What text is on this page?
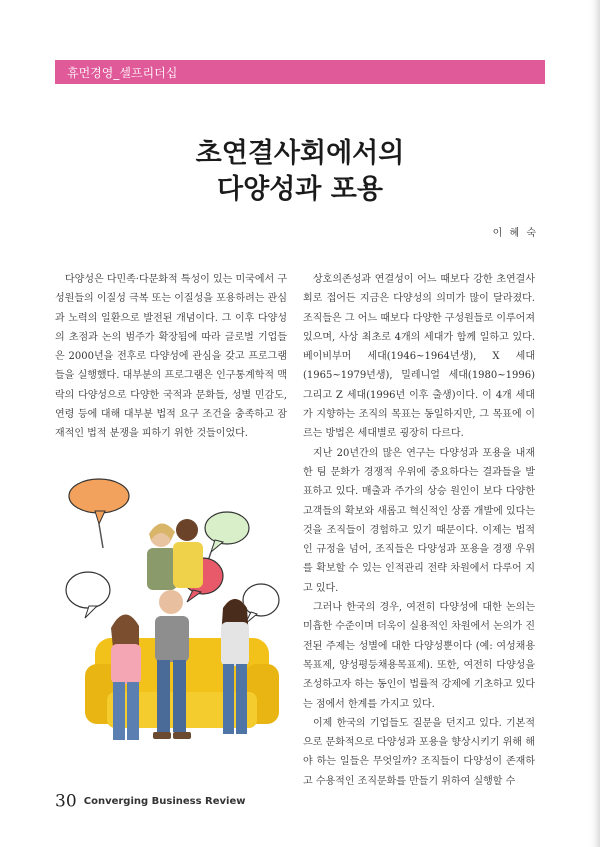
휴먼경영_셀프리더십
초연결사회에서의
다양성과 포용
이 혜 숙

다양성은 다민족·다문화적 특성이 있는 미국에서 구성원들의 이질성 극복 또는 이질성을 포용하려는 관심과 노력의 일환으로 발전된 개념이다. 그 이후 다양성의 초점과 논의 범주가 확장됨에 따라 글로벌 기업들은 2000년을 전후로 다양성에 관심을 갖고 프로그램들을 실행했다. 대부분의 프로그램은 인구통계학적 맥락의 다양성으로 다양한 국적과 문화들, 성별 민감도, 연령 등에 대해 대부분 법적 요구 조건을 충족하고 잠재적인 법적 분쟁을 피하기 위한 것들이었다.

상호의존성과 연결성이 어느 때보다 강한 초연결사회로 접어든 지금은 다양성의 의미가 많이 달라졌다. 조직들은 그 어느 때보다 다양한 구성원들로 이루어져 있으며, 사상 최초로 4개의 세대가 함께 일하고 있다. 베이비부머 세대(1946~1964년생), X 세대(1965~1979년생), 밀레니얼 세대(1980~1996) 그리고 Z 세대(1996년 이후 출생)이다. 이 4개 세대가 지향하는 조직의 목표는 동일하지만, 그 목표에 이르는 방법은 세대별로 굉장히 다르다.

지난 20년간의 많은 연구는 다양성과 포용을 내재한 팀 문화가 경쟁적 우위에 중요하다는 결과들을 발표하고 있다. 매출과 주가의 상승 원인이 보다 다양한 고객들의 확보와 새롭고 혁신적인 상품 개발에 있다는 것을 조직들이 경험하고 있기 때문이다. 이제는 법적인 규정을 넘어, 조직들은 다양성과 포용을 경쟁 우위를 확보할 수 있는 인적관리 전략 차원에서 다루어 지고 있다.

그러나 한국의 경우, 여전히 다양성에 대한 논의는 미흡한 수준이며 더욱이 실용적인 차원에서 논의가 진전된 주제는 성별에 대한 다양성뿐이다 (예: 여성채용목표제, 양성평등채용목표제). 또한, 여전히 다양성을 조성하고자 하는 동인이 법률적 강제에 기초하고 있다는 점에서 한계를 가지고 있다.

이제 한국의 기업들도 질문을 던지고 있다. 기본적으로 문화적으로 다양성과 포용을 향상시키기 위해 해야 하는 일들은 무엇일까? 조직들이 다양성이 존재하고 수용적인 조직문화를 만들기 위하여 실행할 수

30 Converging Business Review
